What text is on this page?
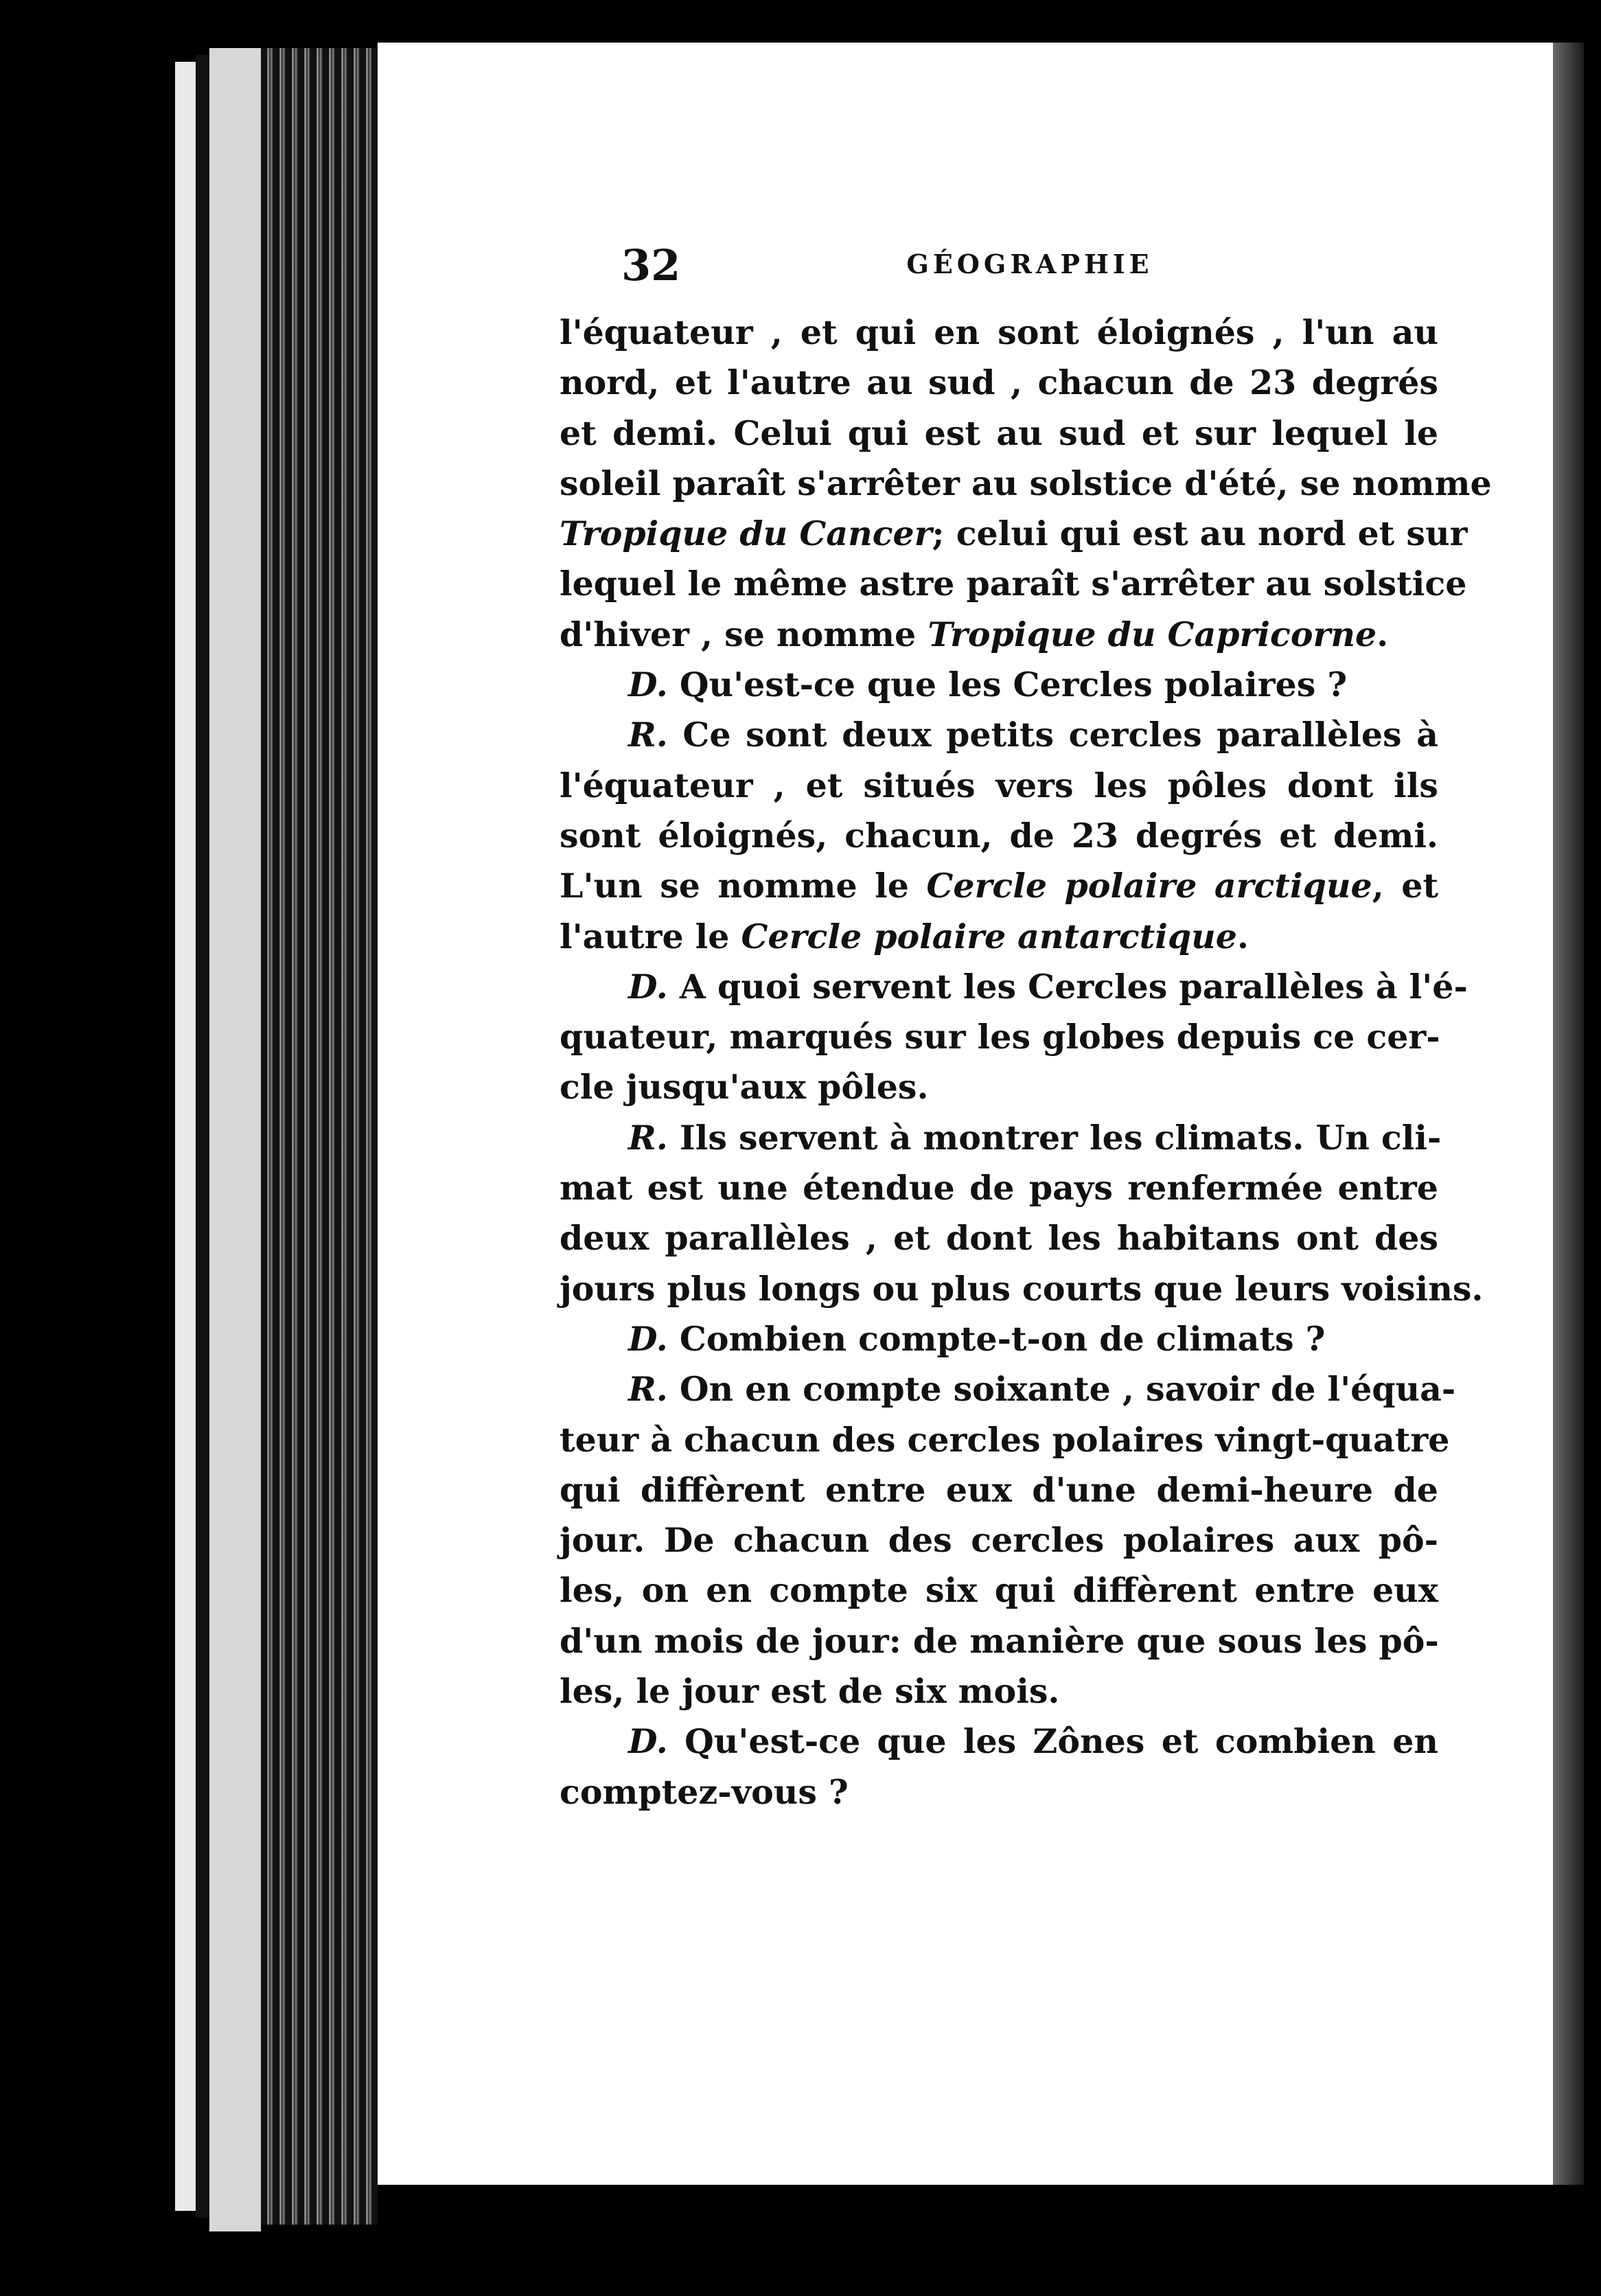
32	GÉOGRAPHIE
l'équateur , et qui en sont éloignés , l'un au
nord, et l'autre au sud , chacun de 23 degrés
et demi. Celui qui est au sud et sur lequel le
soleil paraît s'arrêter au solstice d'été, se nomme
Tropique du Cancer; celui qui est au nord et sur
lequel le même astre paraît s'arrêter au solstice
d'hiver , se nomme Tropique du Capricorne.
D. Qu'est-ce que les Cercles polaires ?
R. Ce sont deux petits cercles parallèles à
l'équateur , et situés vers les pôles dont ils
sont éloignés, chacun, de 23 degrés et demi.
L'un se nomme le Cercle polaire arctique, et
l'autre le Cercle polaire antarctique.
D. A quoi servent les Cercles parallèles à l'é-
quateur, marqués sur les globes depuis ce cer-
cle jusqu'aux pôles.
R. Ils servent à montrer les climats. Un cli-
mat est une étendue de pays renfermée entre
deux parallèles , et dont les habitans ont des
jours plus longs ou plus courts que leurs voisins.
D. Combien compte-t-on de climats ?
R. On en compte soixante , savoir de l'équa-
teur à chacun des cercles polaires vingt-quatre
qui diffèrent entre eux d'une demi-heure de
jour. De chacun des cercles polaires aux pô-
les, on en compte six qui diffèrent entre eux
d'un mois de jour: de manière que sous les pô-
les, le jour est de six mois.
D. Qu'est-ce que les Zônes et combien en
comptez-vous ?
